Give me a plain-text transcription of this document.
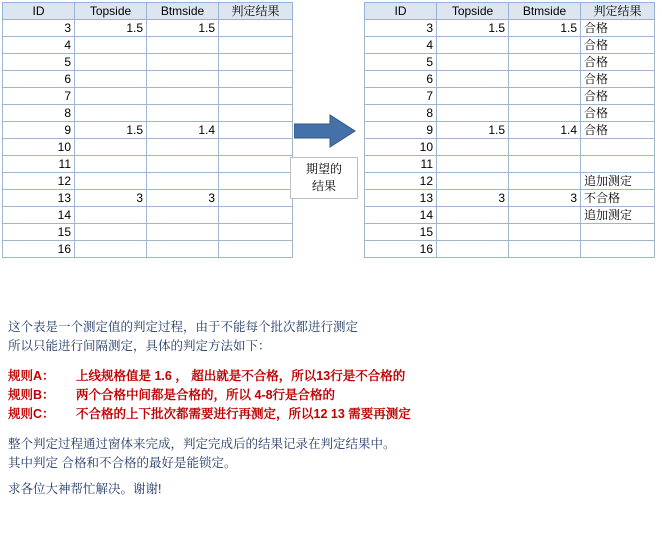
ID	Topside	Btmside	判定结果
3	1.5	1.5	
4			
5			
6			
7			
8			
9	1.5	1.4	
10			
11			
12			
13	3	3	
14			
15			
16			
期望的
结果
ID	Topside	Btmside	判定结果
3	1.5	1.5	合格
4			合格
5			合格
6			合格
7			合格
8			合格
9	1.5	1.4	合格
10			
11			
12			追加测定
13	3	3	不合格
14			追加测定
15			
16			
这个表是一个测定值的判定过程，由于不能每个批次都进行测定
所以只能进行间隔测定，具体的判定方法如下：
规则A： 上线规格值是 1.6 ， 超出就是不合格，所以13行是不合格的
规则B： 两个合格中间都是合格的，所以 4-8行是合格的
规则C： 不合格的上下批次都需要进行再测定，所以12 13 需要再测定
整个判定过程通过窗体来完成，判定完成后的结果记录在判定结果中。
其中判定 合格和不合格的最好是能锁定。
求各位大神帮忙解决。谢谢!
